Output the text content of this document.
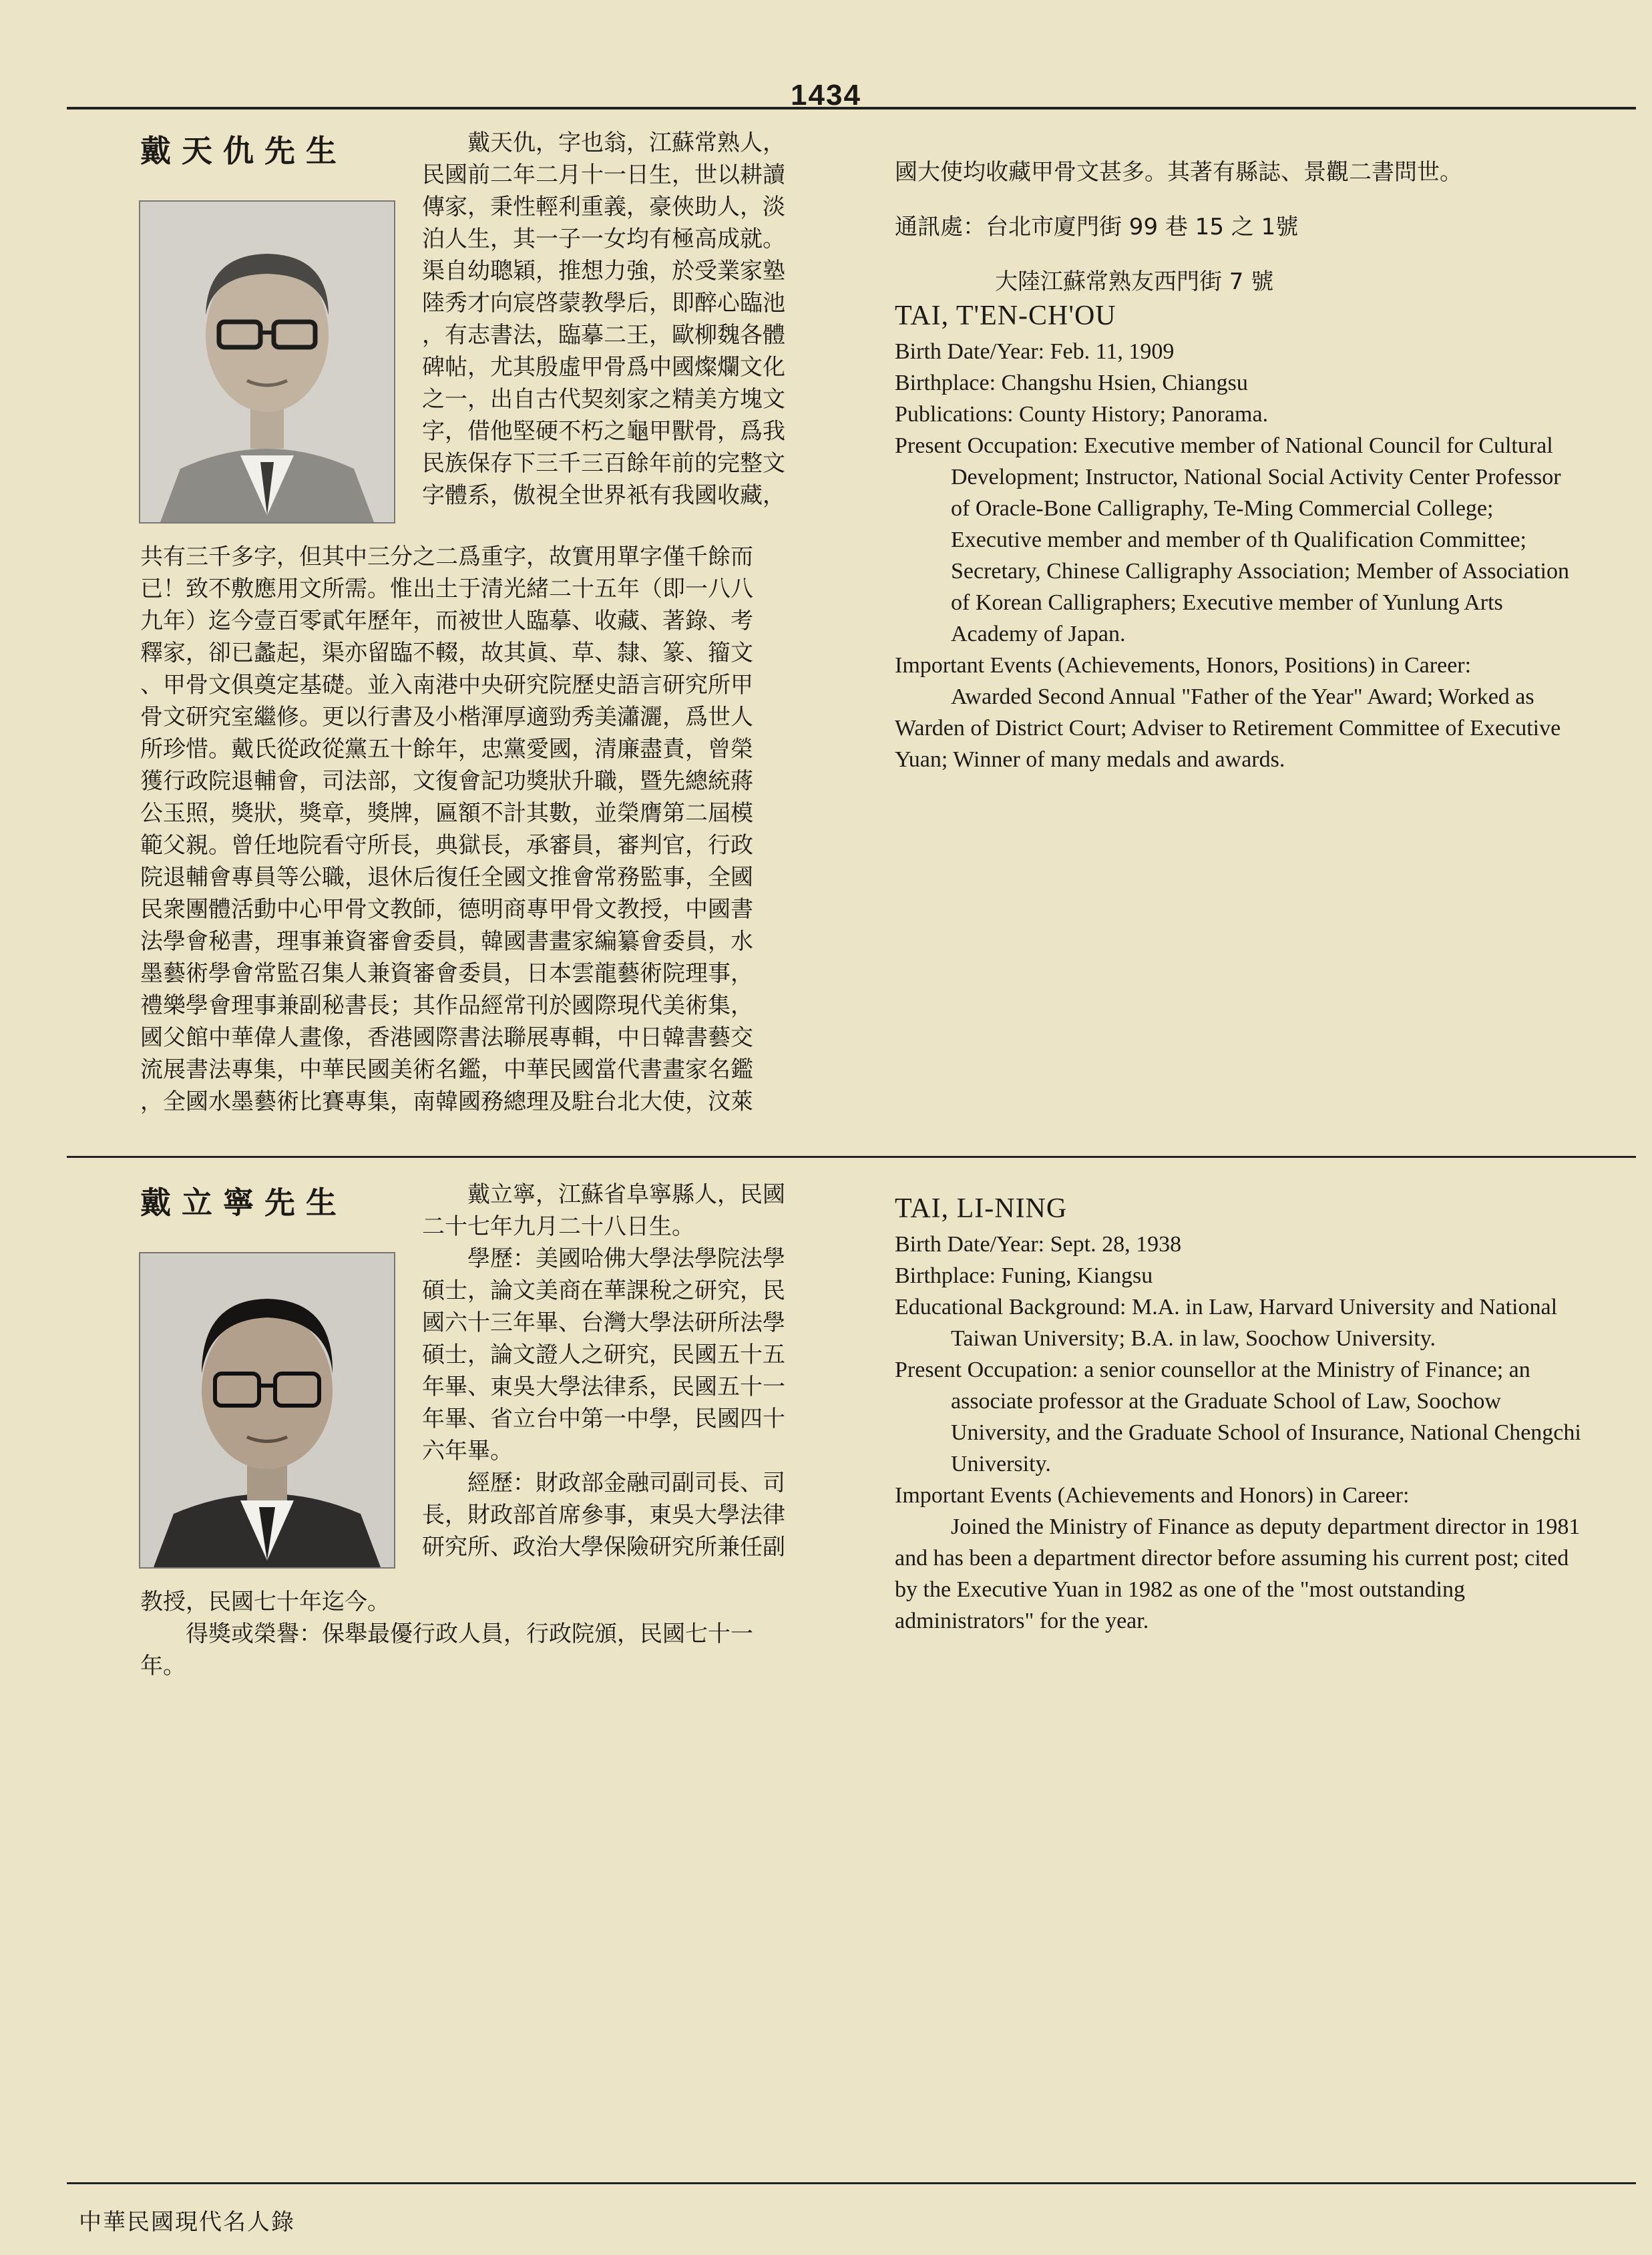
1434
戴天仇先生	戴天仇，字也翁，江蘇常熟人，

民國前二年二月十一日生，世以耕讀

傳家，秉性輕利重義，豪俠助人，淡

泊人生，其一子一女均有極高成就。

渠自幼聰穎，推想力強，於受業家塾

陸秀才向宸啓蒙教學后，即醉心臨池

，有志書法，臨摹二王，歐柳魏各體

碑帖，尤其殷虛甲骨爲中國燦爛文化

之一，出自古代契刻家之精美方塊文

字，借他堅硬不朽之龜甲獸骨，爲我

民族保存下三千三百餘年前的完整文

字體系，傲視全世界衹有我國收藏，

共有三千多字，但其中三分之二爲重字，故實用單字僅千餘而

已！致不敷應用文所需。惟出土于清光緒二十五年（即一八八

九年）迄今壹百零貳年歷年，而被世人臨摹、收藏、著錄、考

釋家，卻已蠡起，渠亦留臨不輟，故其眞、草、隸、篆、籀文

、甲骨文俱奠定基礎。並入南港中央研究院歷史語言研究所甲

骨文研究室繼修。更以行書及小楷渾厚適勁秀美瀟灑，爲世人

所珍惜。戴氏從政從黨五十餘年，忠黨愛國，清廉盡責，曾榮

獲行政院退輔會，司法部，文復會記功獎狀升職，暨先總統蔣

公玉照，獎狀，獎章，獎牌，匾額不計其數，並榮膺第二屆模

範父親。曾任地院看守所長，典獄長，承審員，審判官，行政

院退輔會專員等公職，退休后復任全國文推會常務監事，全國

民衆團體活動中心甲骨文教師，德明商專甲骨文教授，中國書

法學會秘書，理事兼資審會委員，韓國書畫家編纂會委員，水

墨藝術學會常監召集人兼資審會委員，日本雲龍藝術院理事，

禮樂學會理事兼副秘書長；其作品經常刊於國際現代美術集，

國父館中華偉人畫像，香港國際書法聯展專輯，中日韓書藝交

流展書法專集，中華民國美術名鑑，中華民國當代書畫家名鑑

，全國水墨藝術比賽專集，南韓國務總理及駐台北大使，汶萊

國大使均收藏甲骨文甚多。其著有縣誌、景觀二書問世。

通訊處：台北市廈門街 99 巷 15 之 1號

大陸江蘇常熟友西門街 7 號

TAI, T'EN-CH'OU

Birth Date/Year: Feb. 11, 1909

Birthplace: Changshu Hsien, Chiangsu

Publications: County History; Panorama.

Present Occupation: Executive member of National Council for Cultural Development; Instructor, National Social Activity Center Professor of Oracle-Bone Calligraphy, Te-Ming Commercial College; Executive member and member of th Qualification Committee; Secretary, Chinese Calligraphy Association; Member of Association of Korean Calligraphers; Executive member of Yunlung Arts Academy of Japan.

Important Events (Achievements, Honors, Positions) in Career:

Awarded Second Annual "Father of the Year" Award; Worked as Warden of District Court; Adviser to Retirement Committee of Executive Yuan; Winner of many medals and awards.

戴立寧先生	戴立寧，江蘇省阜寧縣人，民國

二十七年九月二十八日生。

學歷：美國哈佛大學法學院法學

碩士，論文美商在華課稅之研究，民

國六十三年畢、台灣大學法研所法學

碩士，論文證人之研究，民國五十五

年畢、東吳大學法律系，民國五十一

年畢、省立台中第一中學，民國四十

六年畢。

經歷：財政部金融司副司長、司

長，財政部首席參事，東吳大學法律

研究所、政治大學保險研究所兼任副

教授，民國七十年迄今。

得獎或榮譽：保舉最優行政人員，行政院頒，民國七十一

年。

TAI, LI-NING

Birth Date/Year: Sept. 28, 1938

Birthplace: Funing, Kiangsu

Educational Background: M.A. in Law, Harvard University and National Taiwan University; B.A. in law, Soochow University.

Present Occupation: a senior counsellor at the Ministry of Finance; an associate professor at the Graduate School of Law, Soochow University, and the Graduate School of Insurance, National Chengchi University.

Important Events (Achievements and Honors) in Career:

Joined the Ministry of Finance as deputy department director in 1981 and has been a department director before assuming his current post; cited by the Executive Yuan in 1982 as one of the "most outstanding administrators" for the year.

中華民國現代名人錄
